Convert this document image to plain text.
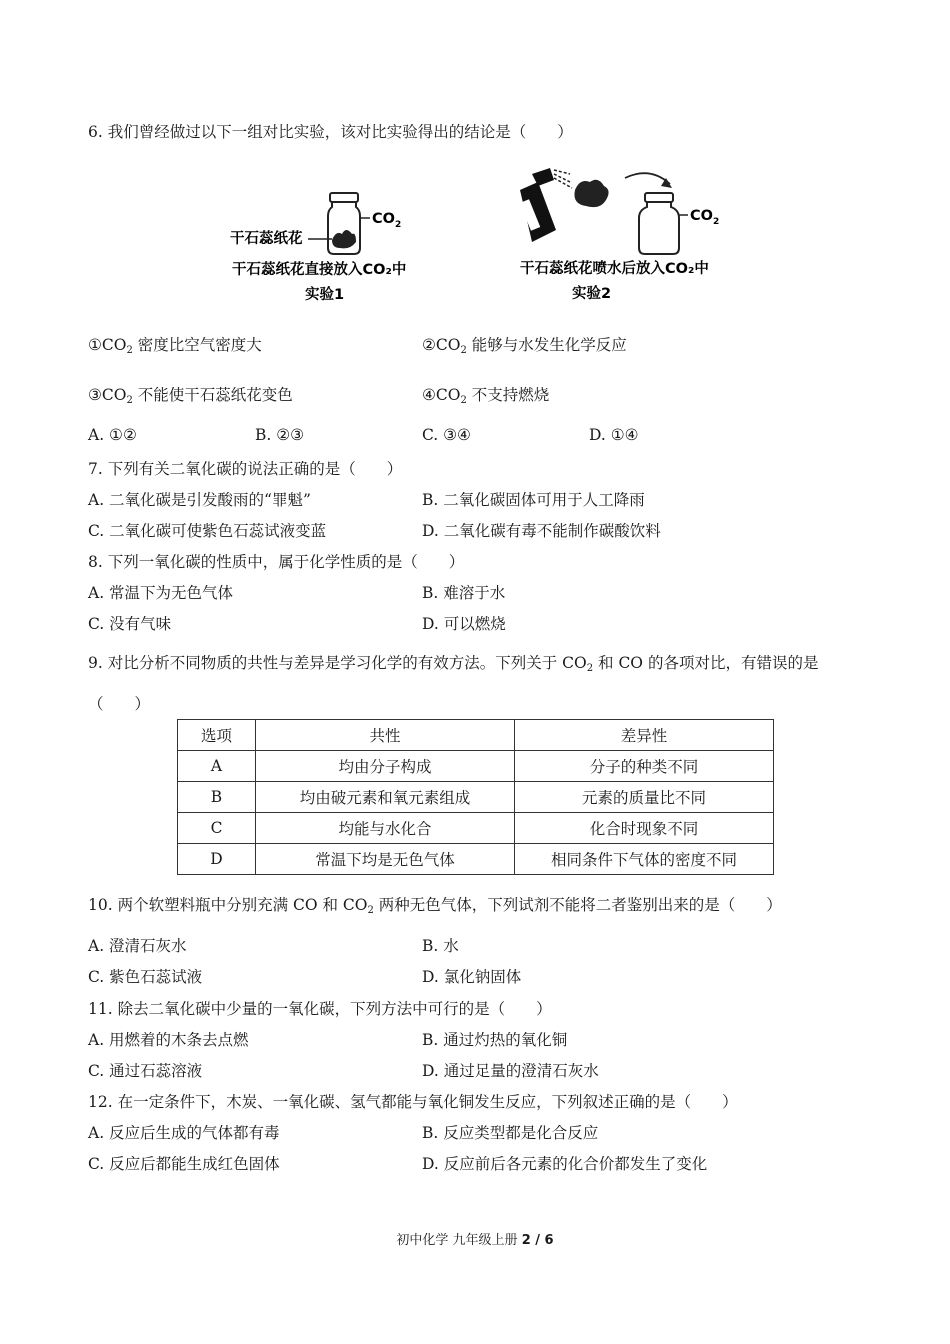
6. 我们曾经做过以下一组对比实验，该对比实验得出的结论是（　　）
干石蕊纸花
$CO_2$
干石蕊纸花直接放入CO₂中
实验1
$CO_2$
干石蕊纸花喷水后放入CO₂中
实验2
$①CO_2$ 密度比空气密度大	$②CO_2$ 能够与水发生化学反应
$③CO_2$ 不能使干石蕊纸花变色	$④CO_2$ 不支持燃烧
A. ①②	B. ②③	C. ③④	D. ①④
7. 下列有关二氧化碳的说法正确的是（　　）
A. 二氧化碳是引发酸雨的“罪魁”	B. 二氧化碳固体可用于人工降雨
C. 二氧化碳可使紫色石蕊试液变蓝	D. 二氧化碳有毒不能制作碳酸饮料
8. 下列一氧化碳的性质中，属于化学性质的是（　　）
A. 常温下为无色气体	B. 难溶于水
C. 没有气味	D. 可以燃烧
9. 对比分析不同物质的共性与差异是学习化学的有效方法。下列关于 $CO_2$ 和 CO 的各项对比，有错误的是
（　　）
选项	共性	差异性
A	均由分子构成	分子的种类不同
B	均由破元素和氧元素组成	元素的质量比不同
C	均能与水化合	化合时现象不同
D	常温下均是无色气体	相同条件下气体的密度不同
10. 两个软塑料瓶中分别充满 CO 和 $CO_2$ 两种无色气体，下列试剂不能将二者鉴别出来的是（　　）
A. 澄清石灰水	B. 水
C. 紫色石蕊试液	D. 氯化钠固体
11. 除去二氧化碳中少量的一氧化碳，下列方法中可行的是（　　）
A. 用燃着的木条去点燃	B. 通过灼热的氧化铜
C. 通过石蕊溶液	D. 通过足量的澄清石灰水
12. 在一定条件下，木炭、一氧化碳、氢气都能与氧化铜发生反应，下列叙述正确的是（　　）
A. 反应后生成的气体都有毒	B. 反应类型都是化合反应
C. 反应后都能生成红色固体	D. 反应前后各元素的化合价都发生了变化
初中化学 九年级上册 2 / 6
